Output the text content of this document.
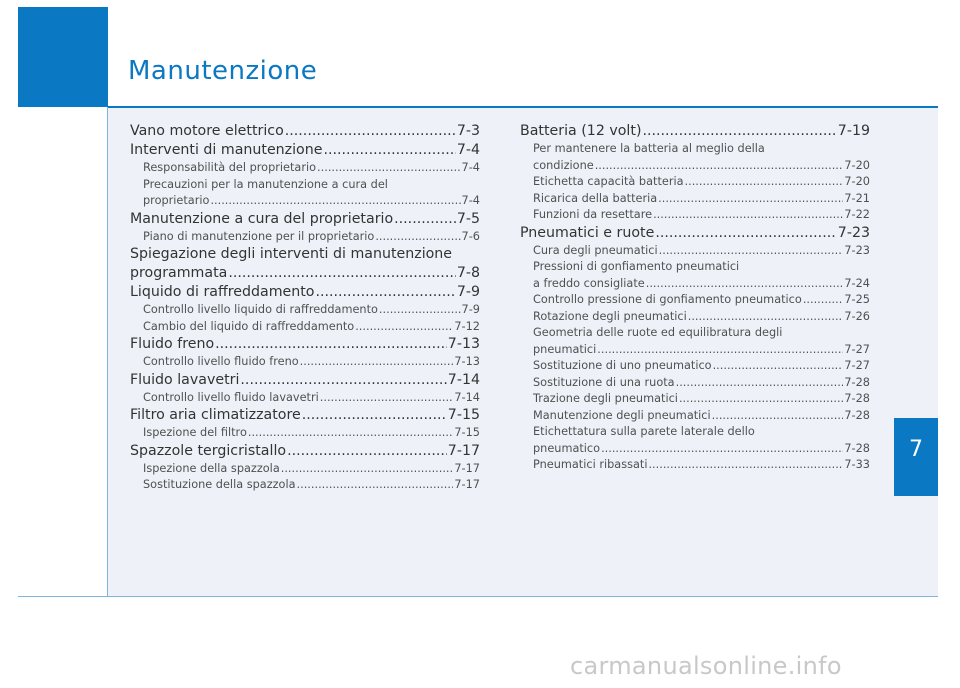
Manutenzione
7
Vano motore elettrico .....	7-3
Interventi di manutenzione .....	7-4
Responsabilità del proprietario .....	7-4
Precauzioni per la manutenzione a cura del
proprietario .....	7-4
Manutenzione a cura del proprietario .....	7-5
Piano di manutenzione per il proprietario .....	7-6
Spiegazione degli interventi di manutenzione
programmata .....	7-8
Liquido di raffreddamento .....	7-9
Controllo livello liquido di raffreddamento .....	7-9
Cambio del liquido di raffreddamento .....	7-12
Fluido freno .....	7-13
Controllo livello fluido freno .....	7-13
Fluido lavavetri .....	7-14
Controllo livello fluido lavavetri .....	7-14
Filtro aria climatizzatore .....	7-15
Ispezione del filtro .....	7-15
Spazzole tergicristallo .....	7-17
Ispezione della spazzola .....	7-17
Sostituzione della spazzola .....	7-17
Batteria (12 volt) .....	7-19
Per mantenere la batteria al meglio della
condizione .....	7-20
Etichetta capacità batteria .....	7-20
Ricarica della batteria .....	7-21
Funzioni da resettare .....	7-22
Pneumatici e ruote .....	7-23
Cura degli pneumatici .....	7-23
Pressioni di gonfiamento pneumatici
a freddo consigliate .....	7-24
Controllo pressione di gonfiamento pneumatico .....	7-25
Rotazione degli pneumatici .....	7-26
Geometria delle ruote ed equilibratura degli
pneumatici .....	7-27
Sostituzione di uno pneumatico .....	7-27
Sostituzione di una ruota .....	7-28
Trazione degli pneumatici .....	7-28
Manutenzione degli pneumatici .....	7-28
Etichettatura sulla parete laterale dello
pneumatico .....	7-28
Pneumatici ribassati .....	7-33
carmanualsonline.info
